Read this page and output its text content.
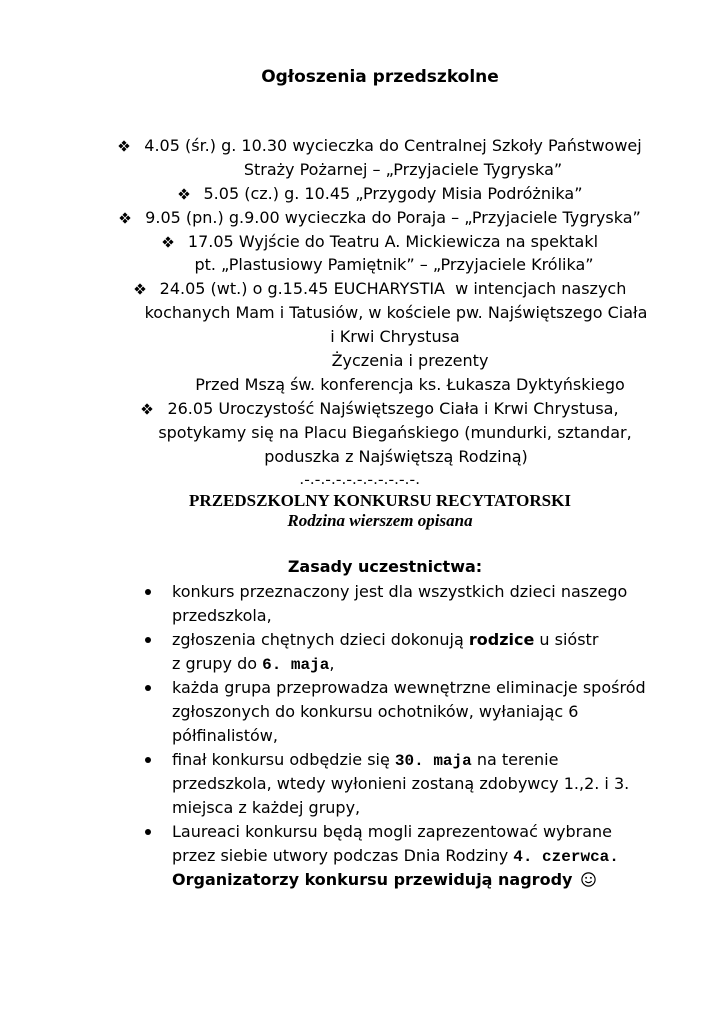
Ogłoszenia przedszkolne
4.05 (śr.) g. 10.30 wycieczka do Centralnej Szkoły Państwowej
Straży Pożarnej – „Przyjaciele Tygryska”
5.05 (cz.) g. 10.45 „Przygody Misia Podróżnika”
9.05 (pn.) g.9.00 wycieczka do Poraja – „Przyjaciele Tygryska”
17.05 Wyjście do Teatru A. Mickiewicza na spektakl
pt. „Plastusiowy Pamiętnik” – „Przyjaciele Królika”
24.05 (wt.) o g.15.45 EUCHARYSTIA  w intencjach naszych
kochanych Mam i Tatusiów, w kościele pw. Najświętszego Ciała
i Krwi Chrystusa
Życzenia i prezenty
Przed Mszą św. konferencja ks. Łukasza Dyktyńskiego
26.05 Uroczystość Najświętszego Ciała i Krwi Chrystusa,
spotykamy się na Placu Biegańskiego (mundurki, sztandar,
poduszka z Najświętszą Rodziną)
.-.-.-.-.-.-.-.-.-.-.-.
PRZEDSZKOLNY KONKURSU RECYTATORSKI
Rodzina wierszem opisana
Zasady uczestnictwa:
konkurs przeznaczony jest dla wszystkich dzieci naszego
przedszkola,
zgłoszenia chętnych dzieci dokonują rodzice u sióstr
z grupy do 6. maja,
każda grupa przeprowadza wewnętrzne eliminacje spośród
zgłoszonych do konkursu ochotników, wyłaniając 6
półfinalistów,
finał konkursu odbędzie się 30. maja na terenie
przedszkola, wtedy wyłonieni zostaną zdobywcy 1.,2. i 3.
miejsca z każdej grupy,
Laureaci konkursu będą mogli zaprezentować wybrane
przez siebie utwory podczas Dnia Rodziny 4. czerwca.
Organizatorzy konkursu przewidują nagrody
